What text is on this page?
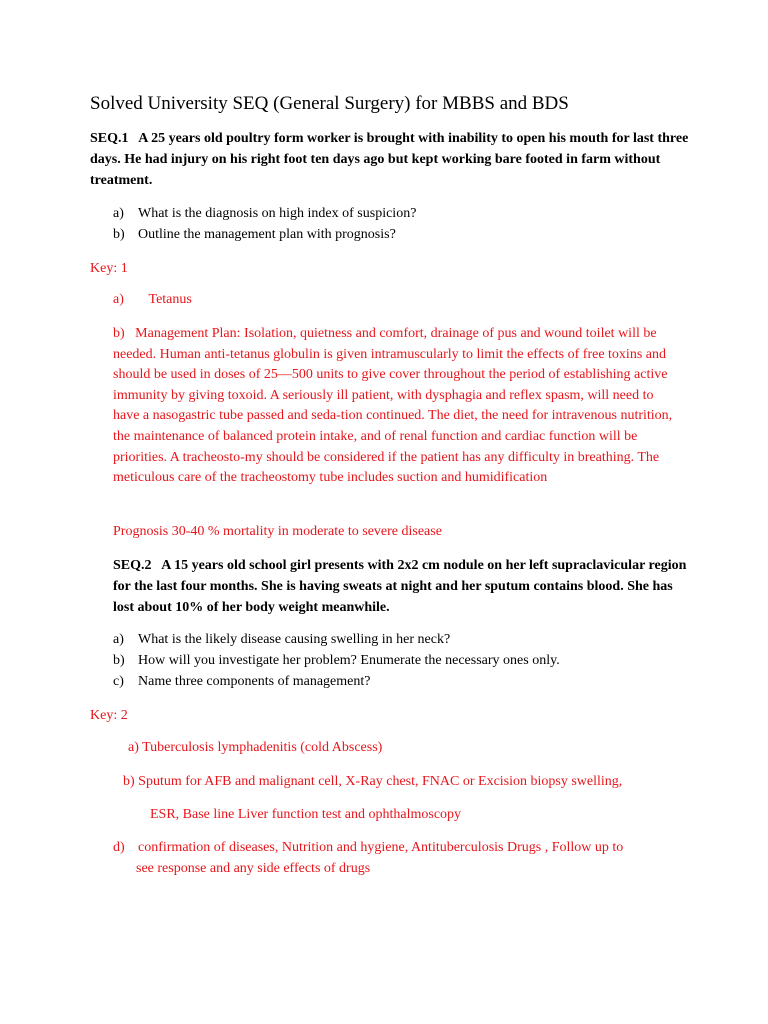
Solved University SEQ (General Surgery) for MBBS and BDS
SEQ.1 A 25 years old poultry form worker is brought with inability to open his mouth for last three days. He had injury on his right foot ten days ago but kept working bare footed in farm without treatment.
a) What is the diagnosis on high index of suspicion?
b) Outline the management plan with prognosis?
Key: 1
a) Tetanus
b) Management Plan: Isolation, quietness and comfort, drainage of pus and wound toilet will be needed. Human anti-tetanus globulin is given intramuscularly to limit the effects of free toxins and should be used in doses of 25—500 units to give cover throughout the period of establishing active immunity by giving toxoid. A seriously ill patient, with dysphagia and reflex spasm, will need to have a nasogastric tube passed and seda-tion continued. The diet, the need for intravenous nutrition, the maintenance of balanced protein intake, and of renal function and cardiac function will be priorities. A tracheosto-my should be considered if the patient has any difficulty in breathing. The meticulous care of the tracheostomy tube includes suction and humidification
Prognosis 30-40 % mortality in moderate to severe disease
SEQ.2 A 15 years old school girl presents with 2x2 cm nodule on her left supraclavicular region for the last four months. She is having sweats at night and her sputum contains blood. She has lost about 10% of her body weight meanwhile.
a) What is the likely disease causing swelling in her neck?
b) How will you investigate her problem? Enumerate the necessary ones only.
c) Name three components of management?
Key: 2
a) Tuberculosis lymphadenitis (cold Abscess)
b) Sputum for AFB and malignant cell, X-Ray chest, FNAC or Excision biopsy swelling,
ESR, Base line Liver function test and ophthalmoscopy
d) confirmation of diseases, Nutrition and hygiene, Antituberculosis Drugs , Follow up to
see response and any side effects of drugs
